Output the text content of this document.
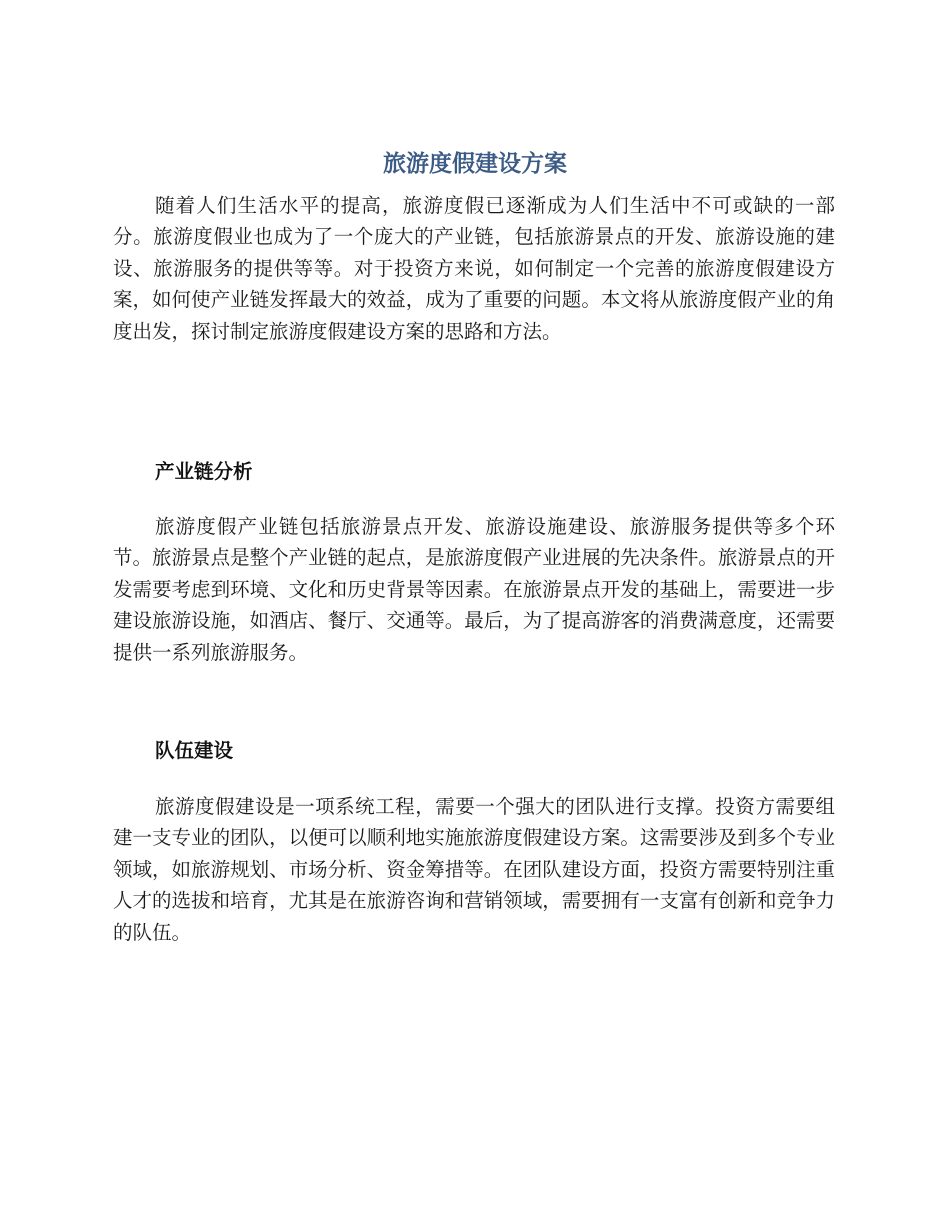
旅游度假建设方案

随着人们生活水平的提高，旅游度假已逐渐成为人们生活中不可或缺的一部分。旅游度假业也成为了一个庞大的产业链，包括旅游景点的开发、旅游设施的建设、旅游服务的提供等等。对于投资方来说，如何制定一个完善的旅游度假建设方案，如何使产业链发挥最大的效益，成为了重要的问题。本文将从旅游度假产业的角度出发，探讨制定旅游度假建设方案的思路和方法。

产业链分析

旅游度假产业链包括旅游景点开发、旅游设施建设、旅游服务提供等多个环节。旅游景点是整个产业链的起点，是旅游度假产业进展的先决条件。旅游景点的开发需要考虑到环境、文化和历史背景等因素。在旅游景点开发的基础上，需要进一步建设旅游设施，如酒店、餐厅、交通等。最后，为了提高游客的消费满意度，还需要提供一系列旅游服务。

队伍建设

旅游度假建设是一项系统工程，需要一个强大的团队进行支撑。投资方需要组建一支专业的团队，以便可以顺利地实施旅游度假建设方案。这需要涉及到多个专业领域，如旅游规划、市场分析、资金筹措等。在团队建设方面，投资方需要特别注重人才的选拔和培育，尤其是在旅游咨询和营销领域，需要拥有一支富有创新和竞争力的队伍。
